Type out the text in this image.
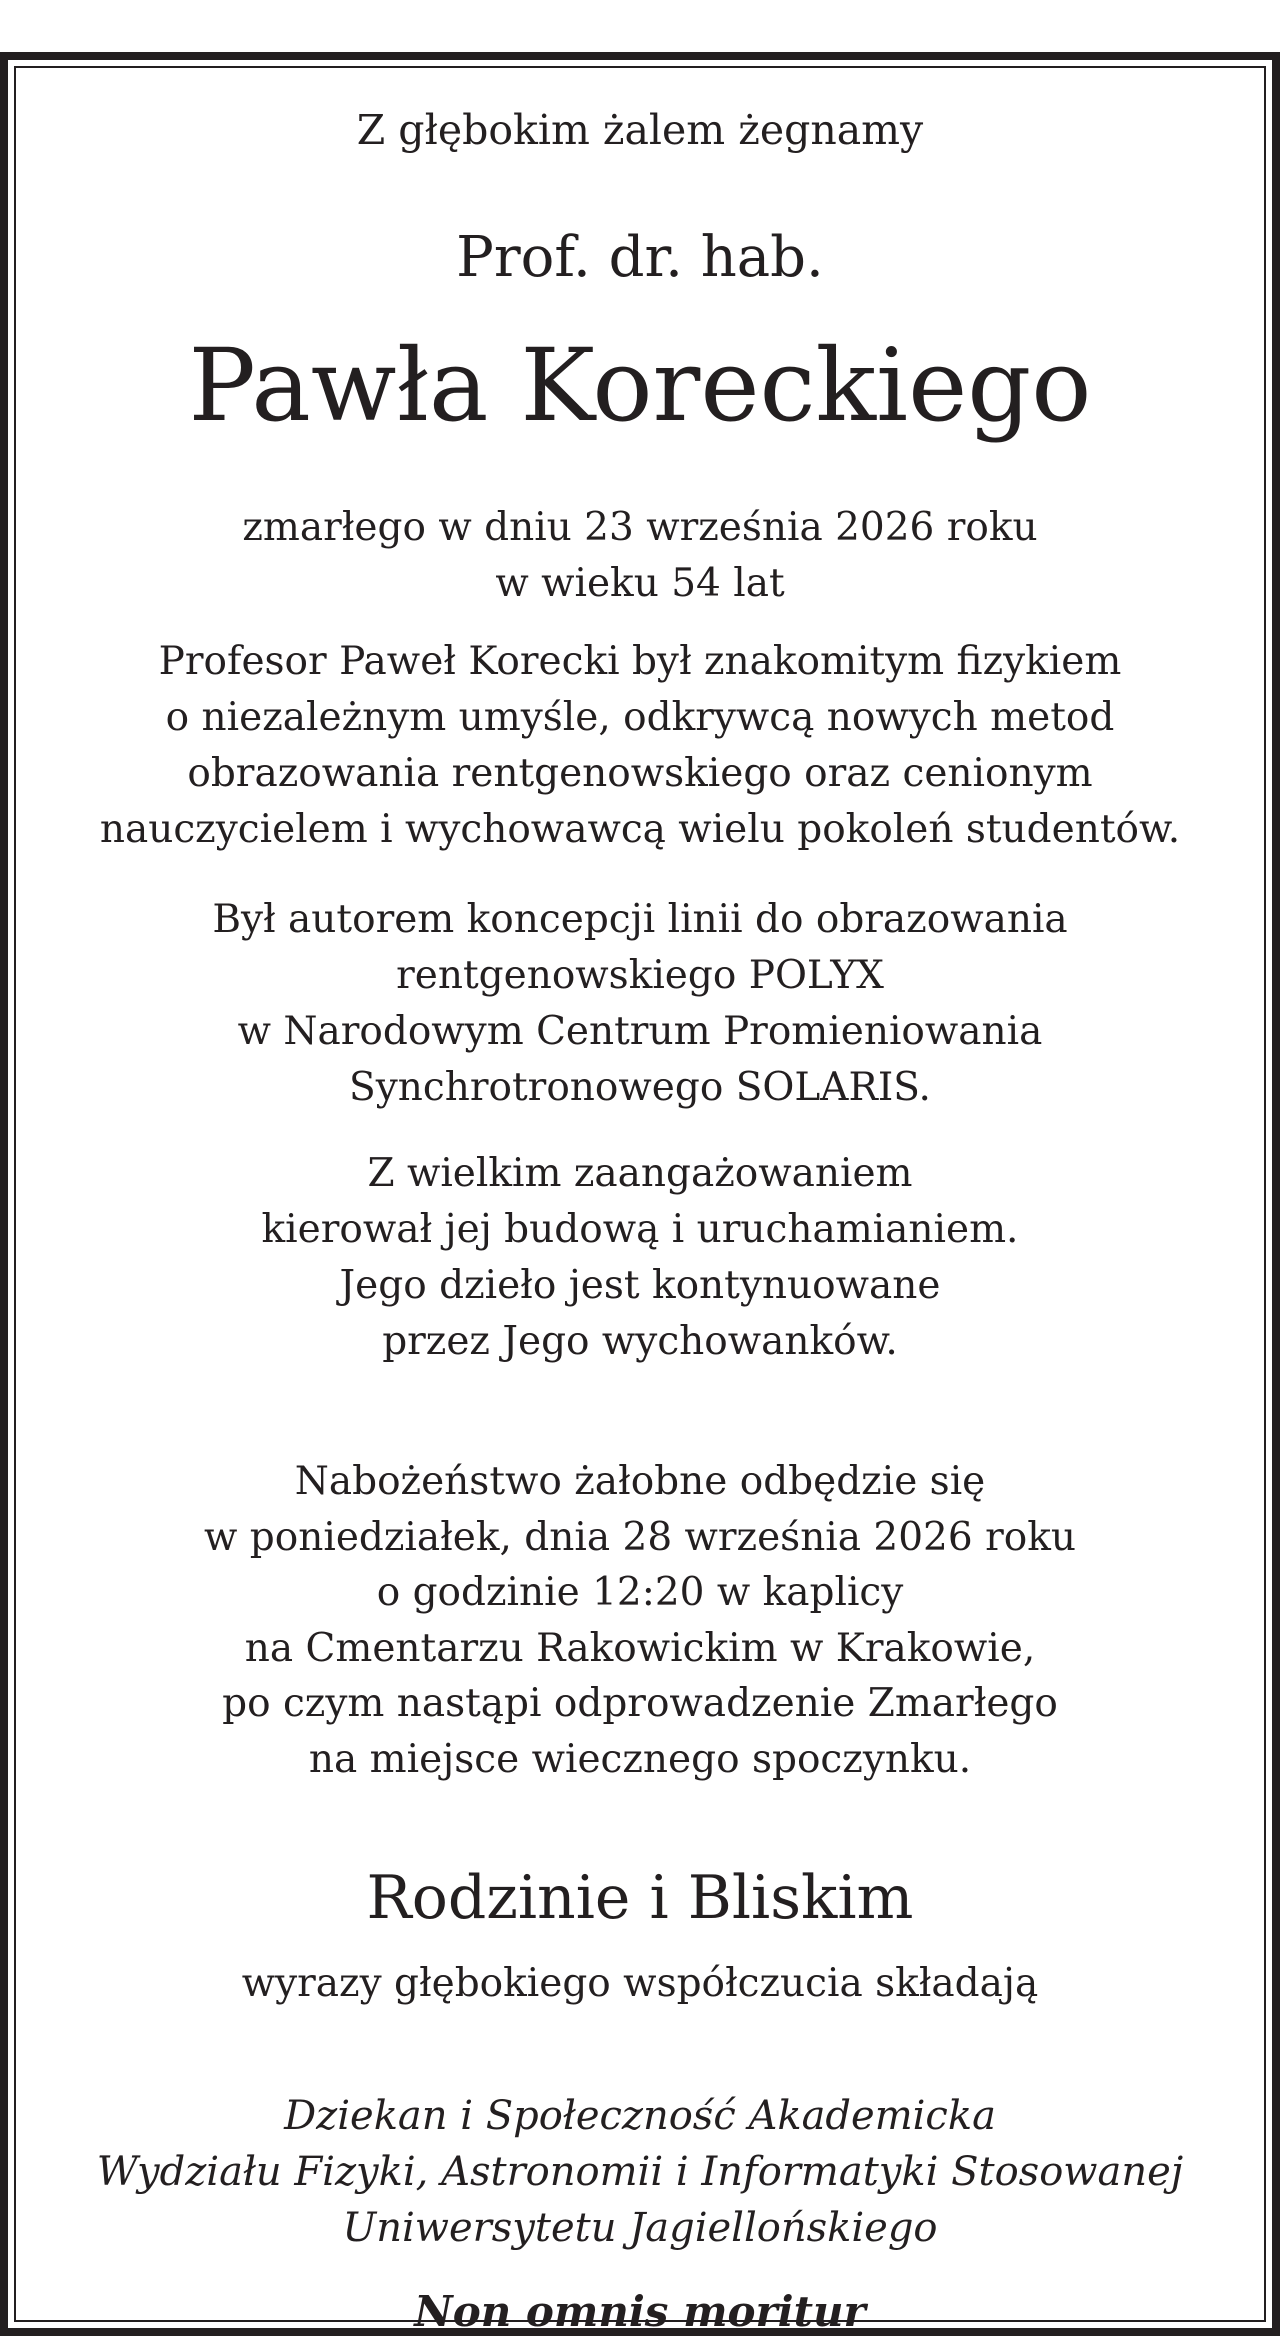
Z głębokim żalem żegnamy
Prof. dr. hab.
Pawła Koreckiego
zmarłego w dniu 23 września 2026 roku
w wieku 54 lat
Profesor Paweł Korecki był znakomitym fizykiem
o niezależnym umyśle, odkrywcą nowych metod
obrazowania rentgenowskiego oraz cenionym
nauczycielem i wychowawcą wielu pokoleń studentów.
Był autorem koncepcji linii do obrazowania
rentgenowskiego POLYX
w Narodowym Centrum Promieniowania
Synchrotronowego SOLARIS.
Z wielkim zaangażowaniem
kierował jej budową i uruchamianiem.
Jego dzieło jest kontynuowane
przez Jego wychowanków.
Nabożeństwo żałobne odbędzie się
w poniedziałek, dnia 28 września 2026 roku
o godzinie 12:20 w kaplicy
na Cmentarzu Rakowickim w Krakowie,
po czym nastąpi odprowadzenie Zmarłego
na miejsce wiecznego spoczynku.
Rodzinie i Bliskim
wyrazy głębokiego współczucia składają
Dziekan i Społeczność Akademicka
Wydziału Fizyki, Astronomii i Informatyki Stosowanej
Uniwersytetu Jagiellońskiego
Non omnis moritur
